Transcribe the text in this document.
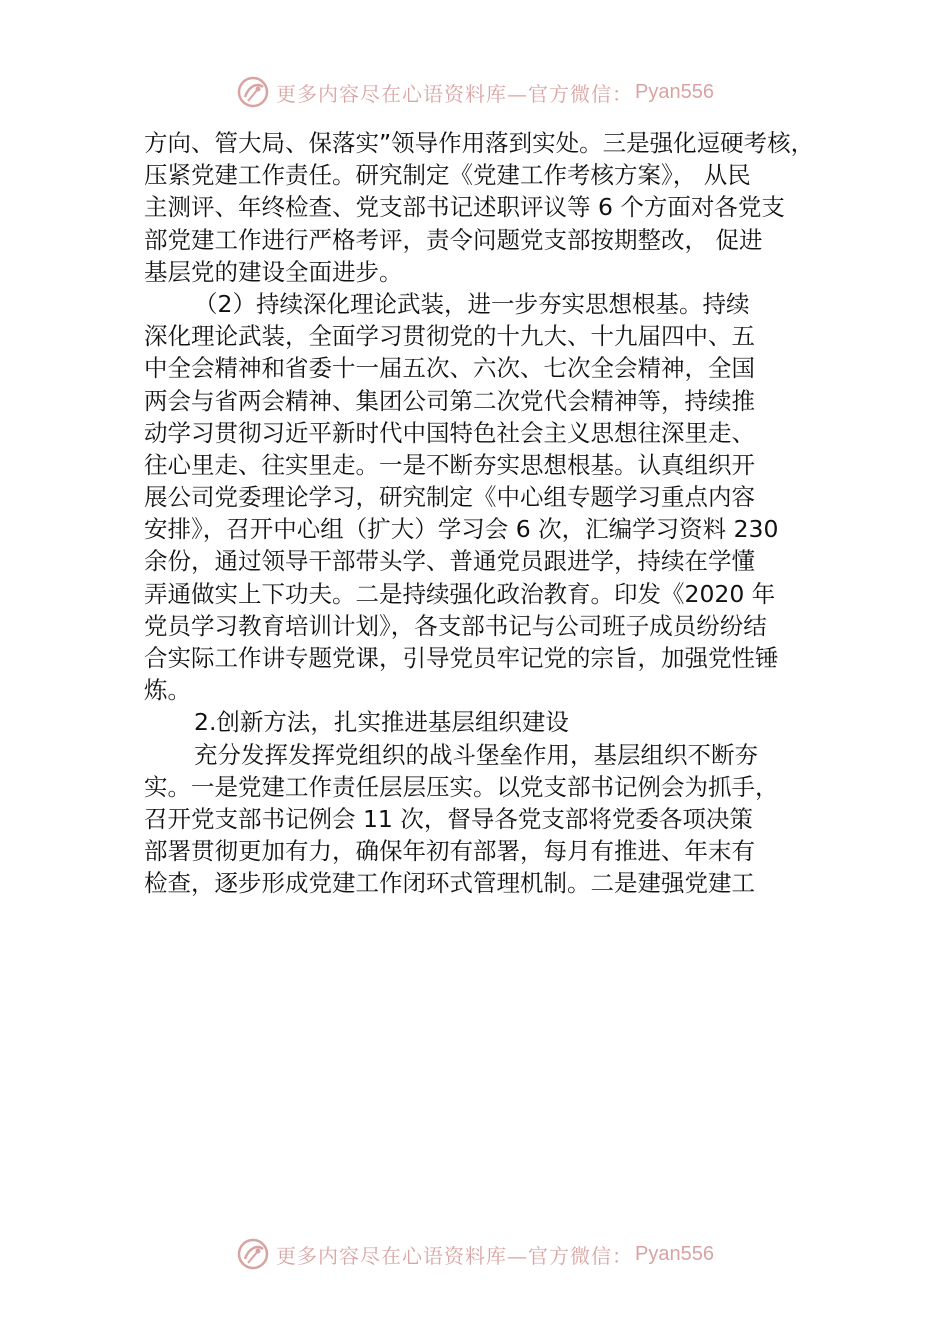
更多内容尽在心语资料库—官方微信： Pyan556
方向、管大局、保落实”领导作用落到实处。三是强化逗硬考核，
压紧党建工作责任。研究制定《党建工作考核方案》， 从民
主测评、年终检查、党支部书记述职评议等 6 个方面对各党支
部党建工作进行严格考评，责令问题党支部按期整改， 促进
基层党的建设全面进步。
（2）持续深化理论武装，进一步夯实思想根基。持续
深化理论武装，全面学习贯彻党的十九大、十九届四中、五
中全会精神和省委十一届五次、六次、七次全会精神，全国
两会与省两会精神、集团公司第二次党代会精神等，持续推
动学习贯彻习近平新时代中国特色社会主义思想往深里走、
往心里走、往实里走。一是不断夯实思想根基。认真组织开
展公司党委理论学习，研究制定《中心组专题学习重点内容
安排》，召开中心组（扩大）学习会 6 次，汇编学习资料 230
余份，通过领导干部带头学、普通党员跟进学，持续在学懂
弄通做实上下功夫。二是持续强化政治教育。印发《2020 年
党员学习教育培训计划》，各支部书记与公司班子成员纷纷结
合实际工作讲专题党课，引导党员牢记党的宗旨，加强党性锤
炼。
2.创新方法，扎实推进基层组织建设
充分发挥发挥党组织的战斗堡垒作用，基层组织不断夯
实。一是党建工作责任层层压实。以党支部书记例会为抓手，
召开党支部书记例会 11 次，督导各党支部将党委各项决策
部署贯彻更加有力，确保年初有部署，每月有推进、年末有
检查，逐步形成党建工作闭环式管理机制。二是建强党建工
更多内容尽在心语资料库—官方微信： Pyan556
